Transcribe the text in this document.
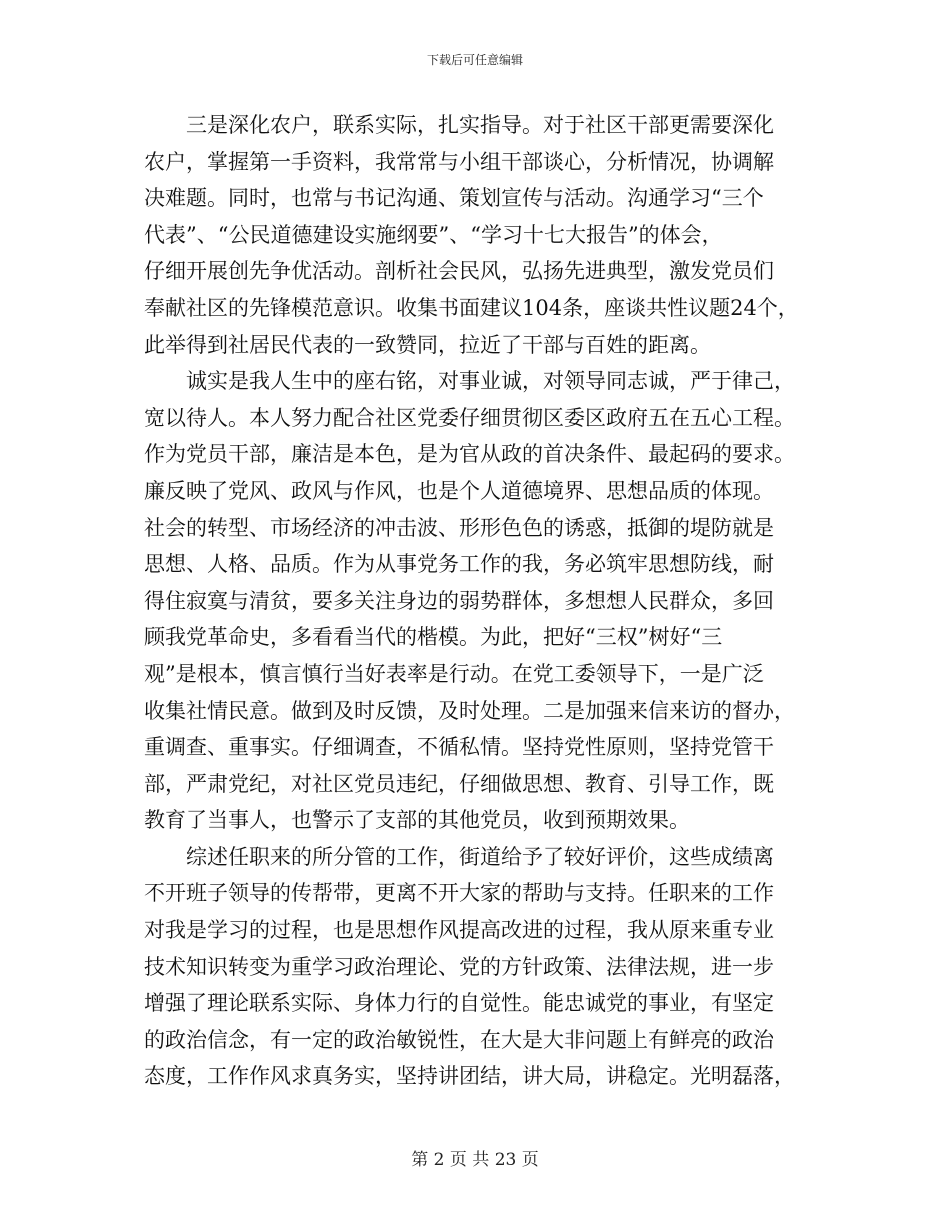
下载后可任意编辑
三是深化农户，联系实际，扎实指导。对于社区干部更需要深化
农户，掌握第一手资料，我常常与小组干部谈心，分析情况，协调解
决难题。同时，也常与书记沟通、策划宣传与活动。沟通学习“三个
代表”、“公民道德建设实施纲要”、“学习十七大报告”的体会，
仔细开展创先争优活动。剖析社会民风，弘扬先进典型，激发党员们
奉献社区的先锋模范意识。收集书面建议104条，座谈共性议题24个，
此举得到社居民代表的一致赞同，拉近了干部与百姓的距离。
诚实是我人生中的座右铭，对事业诚，对领导同志诚，严于律己，
宽以待人。本人努力配合社区党委仔细贯彻区委区政府五在五心工程。
作为党员干部，廉洁是本色，是为官从政的首决条件、最起码的要求。
廉反映了党风、政风与作风，也是个人道德境界、思想品质的体现。
社会的转型、市场经济的冲击波、形形色色的诱惑，抵御的堤防就是
思想、人格、品质。作为从事党务工作的我，务必筑牢思想防线，耐
得住寂寞与清贫，要多关注身边的弱势群体，多想想人民群众，多回
顾我党革命史，多看看当代的楷模。为此，把好“三权”树好“三
观”是根本，慎言慎行当好表率是行动。在党工委领导下，一是广泛
收集社情民意。做到及时反馈，及时处理。二是加强来信来访的督办，
重调查、重事实。仔细调查，不循私情。坚持党性原则，坚持党管干
部，严肃党纪，对社区党员违纪，仔细做思想、教育、引导工作，既
教育了当事人，也警示了支部的其他党员，收到预期效果。
综述任职来的所分管的工作，街道给予了较好评价，这些成绩离
不开班子领导的传帮带，更离不开大家的帮助与支持。任职来的工作
对我是学习的过程，也是思想作风提高改进的过程，我从原来重专业
技术知识转变为重学习政治理论、党的方针政策、法律法规，进一步
增强了理论联系实际、身体力行的自觉性。能忠诚党的事业，有坚定
的政治信念，有一定的政治敏锐性，在大是大非问题上有鲜亮的政治
态度，工作作风求真务实，坚持讲团结，讲大局，讲稳定。光明磊落，
第 2 页 共 23 页
